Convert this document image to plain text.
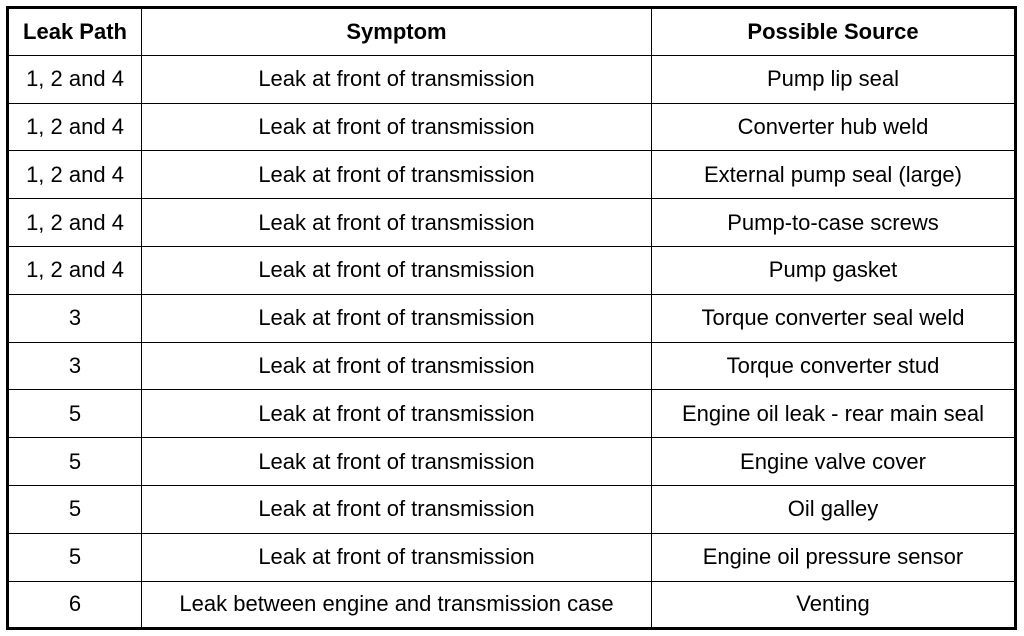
Leak Path	Symptom	Possible Source
1, 2 and 4	Leak at front of transmission	Pump lip seal
1, 2 and 4	Leak at front of transmission	Converter hub weld
1, 2 and 4	Leak at front of transmission	External pump seal (large)
1, 2 and 4	Leak at front of transmission	Pump-to-case screws
1, 2 and 4	Leak at front of transmission	Pump gasket
3	Leak at front of transmission	Torque converter seal weld
3	Leak at front of transmission	Torque converter stud
5	Leak at front of transmission	Engine oil leak - rear main seal
5	Leak at front of transmission	Engine valve cover
5	Leak at front of transmission	Oil galley
5	Leak at front of transmission	Engine oil pressure sensor
6	Leak between engine and transmission case	Venting
